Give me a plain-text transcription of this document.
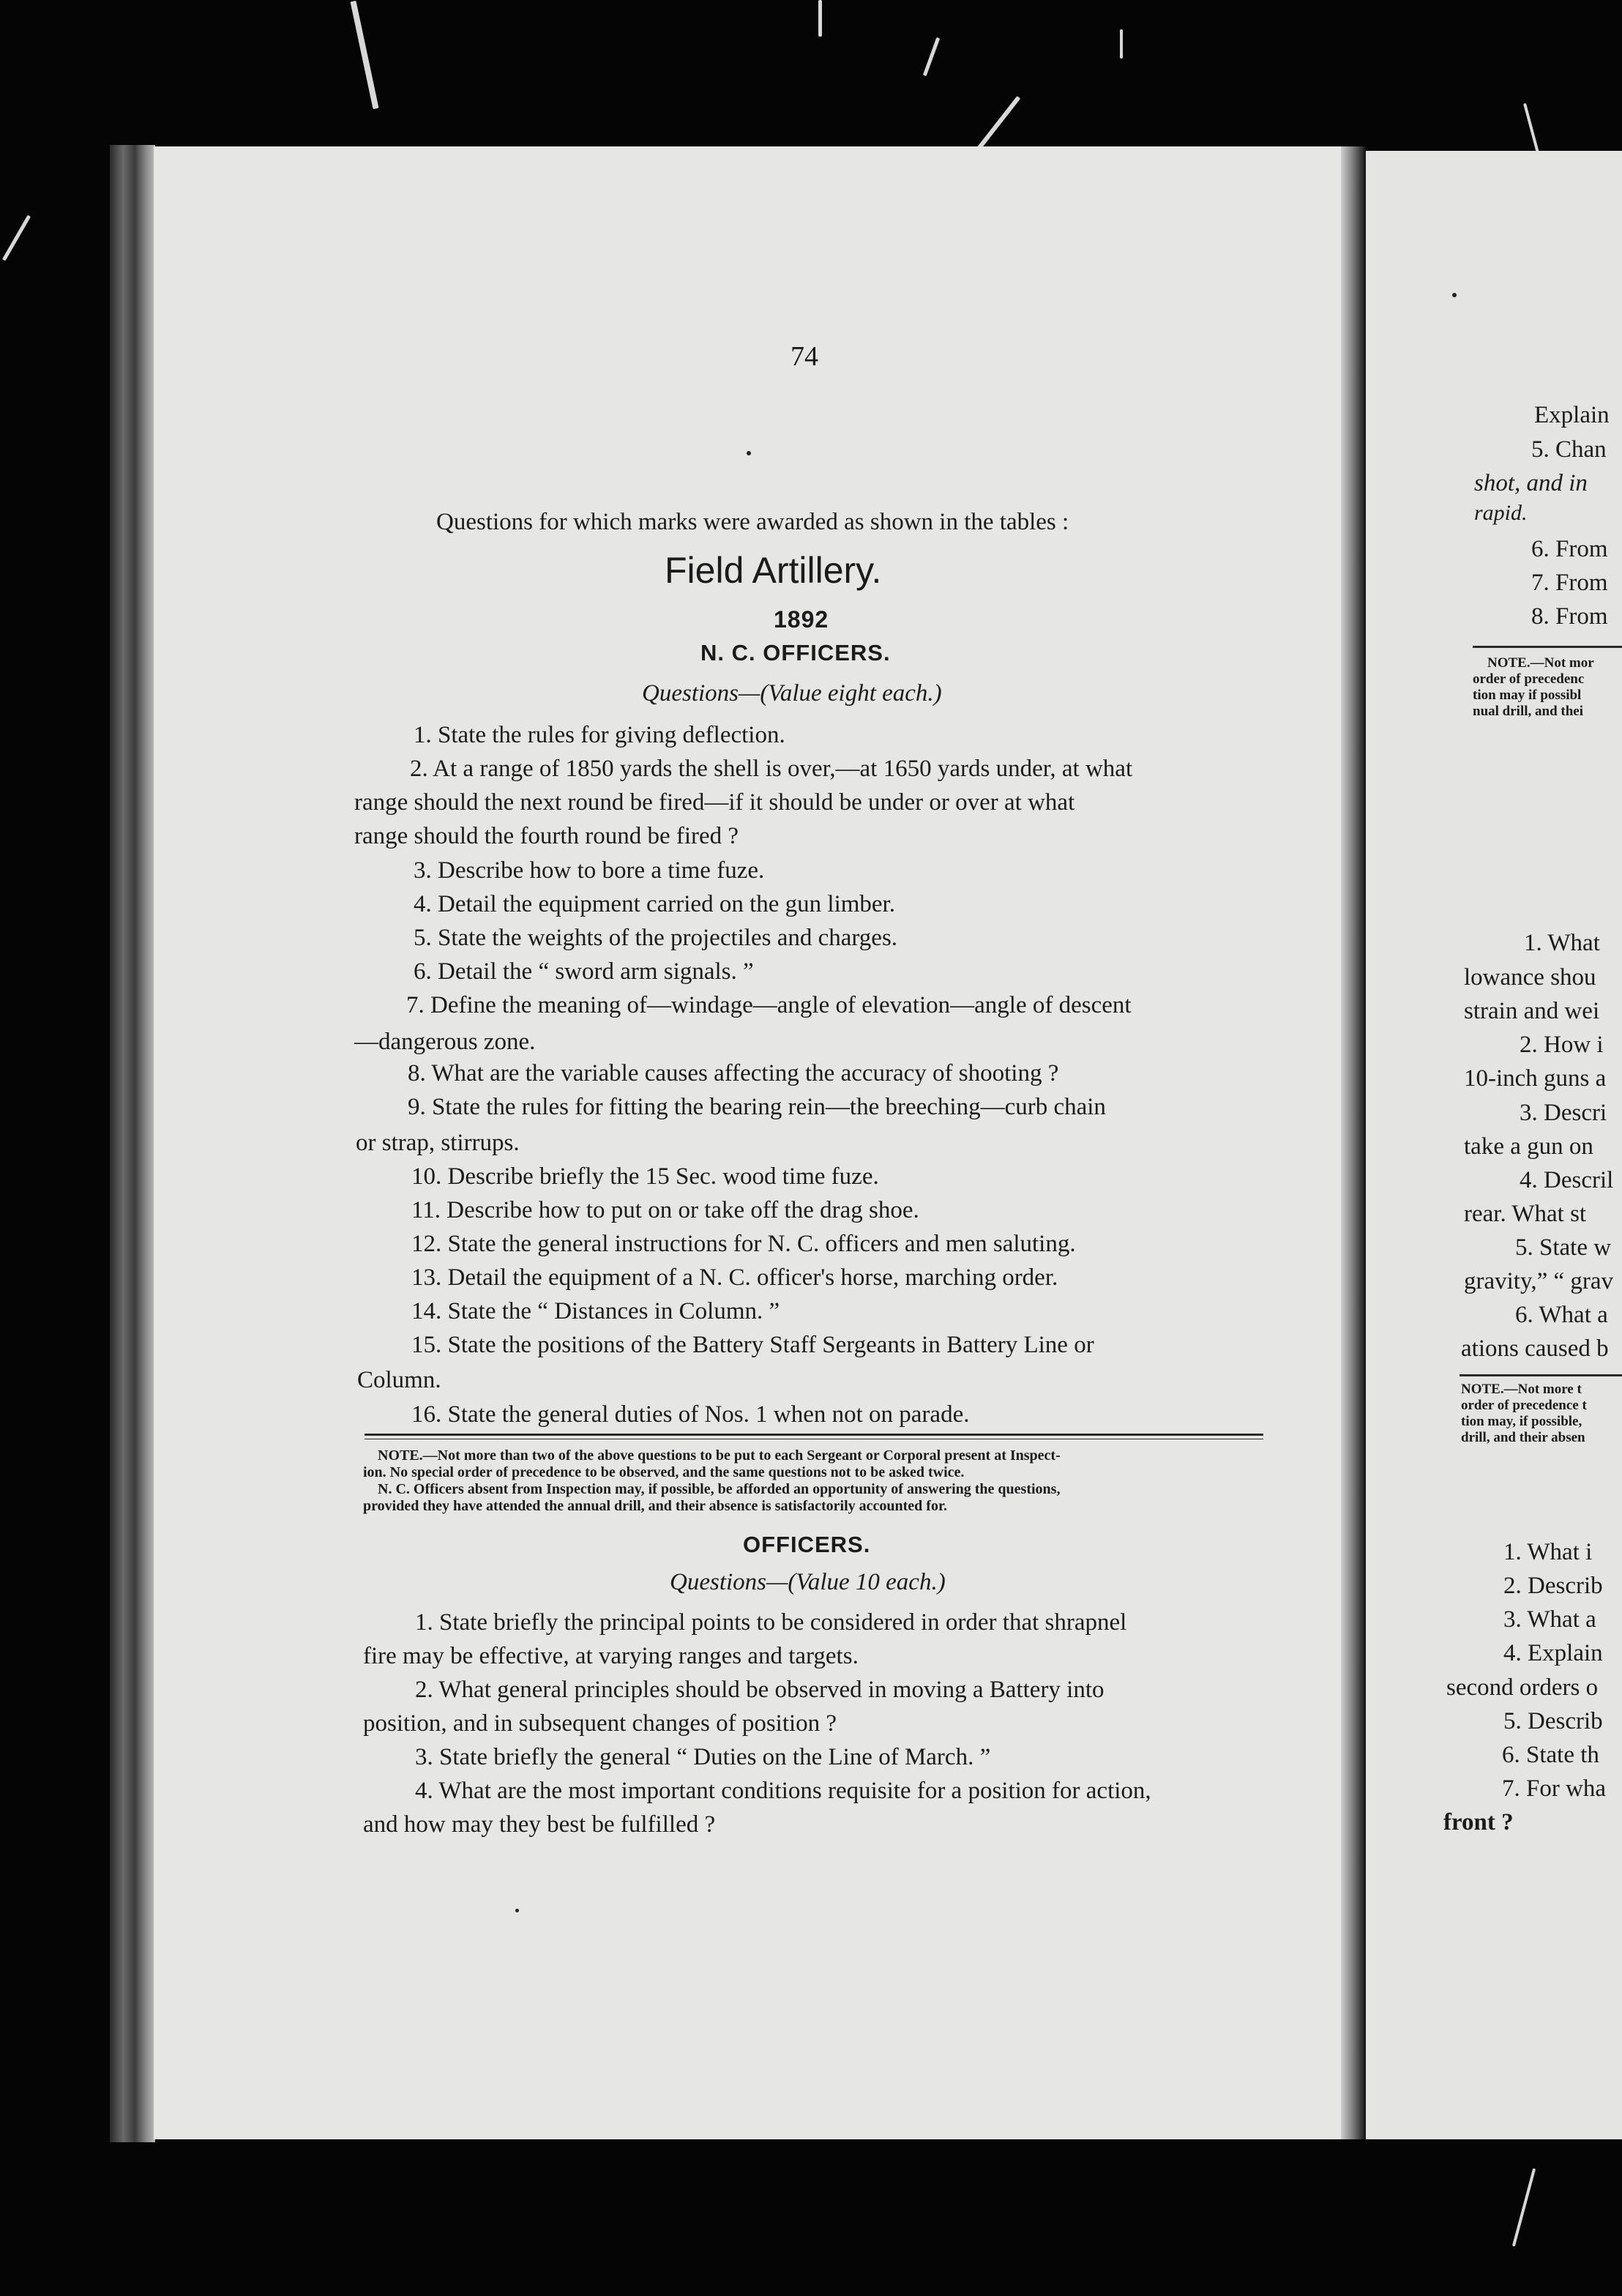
74
Questions for which marks were awarded as shown in the tables :
Field Artillery.
1892
N. C. OFFICERS.
Questions—(Value eight each.)
1. State the rules for giving deflection.
2. At a range of 1850 yards the shell is over,—at 1650 yards under, at what
range should the next round be fired—if it should be under or over at what
range should the fourth round be fired ?
3. Describe how to bore a time fuze.
4. Detail the equipment carried on the gun limber.
5. State the weights of the projectiles and charges.
6. Detail the “ sword arm signals. ”
7. Define the meaning of—windage—angle of elevation—angle of descent
—dangerous zone.
8. What are the variable causes affecting the accuracy of shooting ?
9. State the rules for fitting the bearing rein—the breeching—curb chain
or strap, stirrups.
10. Describe briefly the 15 Sec. wood time fuze.
11. Describe how to put on or take off the drag shoe.
12. State the general instructions for N. C. officers and men saluting.
13. Detail the equipment of a N. C. officer's horse, marching order.
14. State the “ Distances in Column. ”
15. State the positions of the Battery Staff Sergeants in Battery Line or
Column.
16. State the general duties of Nos. 1 when not on parade.
NOTE.—Not more than two of the above questions to be put to each Sergeant or Corporal present at Inspect-
ion. No special order of precedence to be observed, and the same questions not to be asked twice.
N. C. Officers absent from Inspection may, if possible, be afforded an opportunity of answering the questions,
provided they have attended the annual drill, and their absence is satisfactorily accounted for.
OFFICERS.
Questions—(Value 10 each.)
1. State briefly the principal points to be considered in order that shrapnel
fire may be effective, at varying ranges and targets.
2. What general principles should be observed in moving a Battery into
position, and in subsequent changes of position ?
3. State briefly the general “ Duties on the Line of March. ”
4. What are the most important conditions requisite for a position for action,
and how may they best be fulfilled ?
Explain
5. Chan
shot, and in
rapid.
6. From
7. From
8. From
NOTE.—Not mor
order of precedenc
tion may if possibl
nual drill, and thei
1. What
lowance shou
strain and wei
2. How i
10-inch guns a
3. Descri
take a gun on
4. Descril
rear. What st
5. State w
gravity,” “ grav
6. What a
ations caused b
NOTE.—Not more t
order of precedence t
tion may, if possible,
drill, and their absen
1. What i
2. Describ
3. What a
4. Explain
second orders o
5. Describ
6. State th
7. For wha
front ?
